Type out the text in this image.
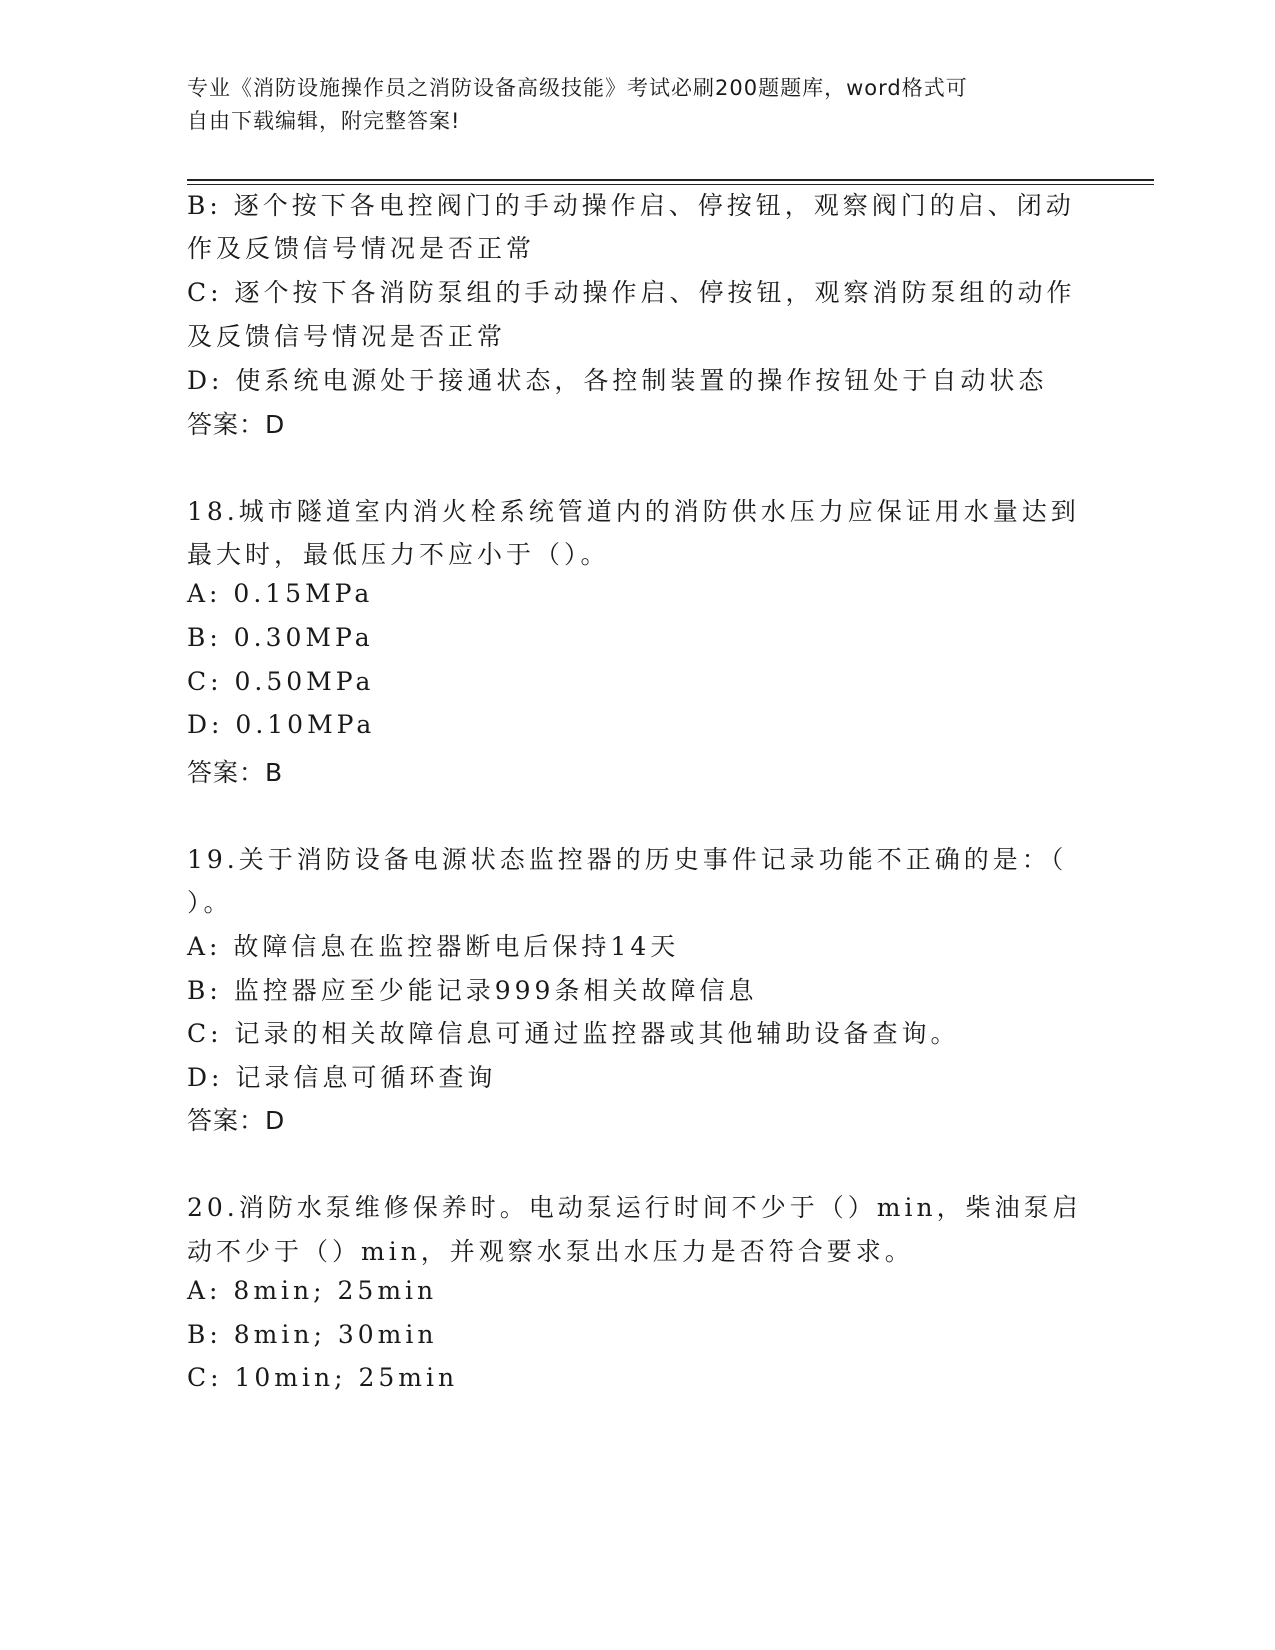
专业《消防设施操作员之消防设备高级技能》考试必刷200题题库，word格式可
自由下载编辑，附完整答案!
B: 逐个按下各电控阀门的手动操作启、停按钮，观察阀门的启、闭动
作及反馈信号情况是否正常
C: 逐个按下各消防泵组的手动操作启、停按钮，观察消防泵组的动作
及反馈信号情况是否正常
D: 使系统电源处于接通状态，各控制装置的操作按钮处于自动状态
答案：D
18.城市隧道室内消火栓系统管道内的消防供水压力应保证用水量达到
最大时，最低压力不应小于（）。
A: 0.15MPa
B: 0.30MPa
C: 0.50MPa
D: 0.10MPa
答案：B
19.关于消防设备电源状态监控器的历史事件记录功能不正确的是：（
）。
A: 故障信息在监控器断电后保持14天
B: 监控器应至少能记录999条相关故障信息
C: 记录的相关故障信息可通过监控器或其他辅助设备查询。
D: 记录信息可循环查询
答案：D
20.消防水泵维修保养时。电动泵运行时间不少于（）min，柴油泵启
动不少于（）min，并观察水泵出水压力是否符合要求。
A: 8min; 25min
B: 8min; 30min
C: 10min; 25min
